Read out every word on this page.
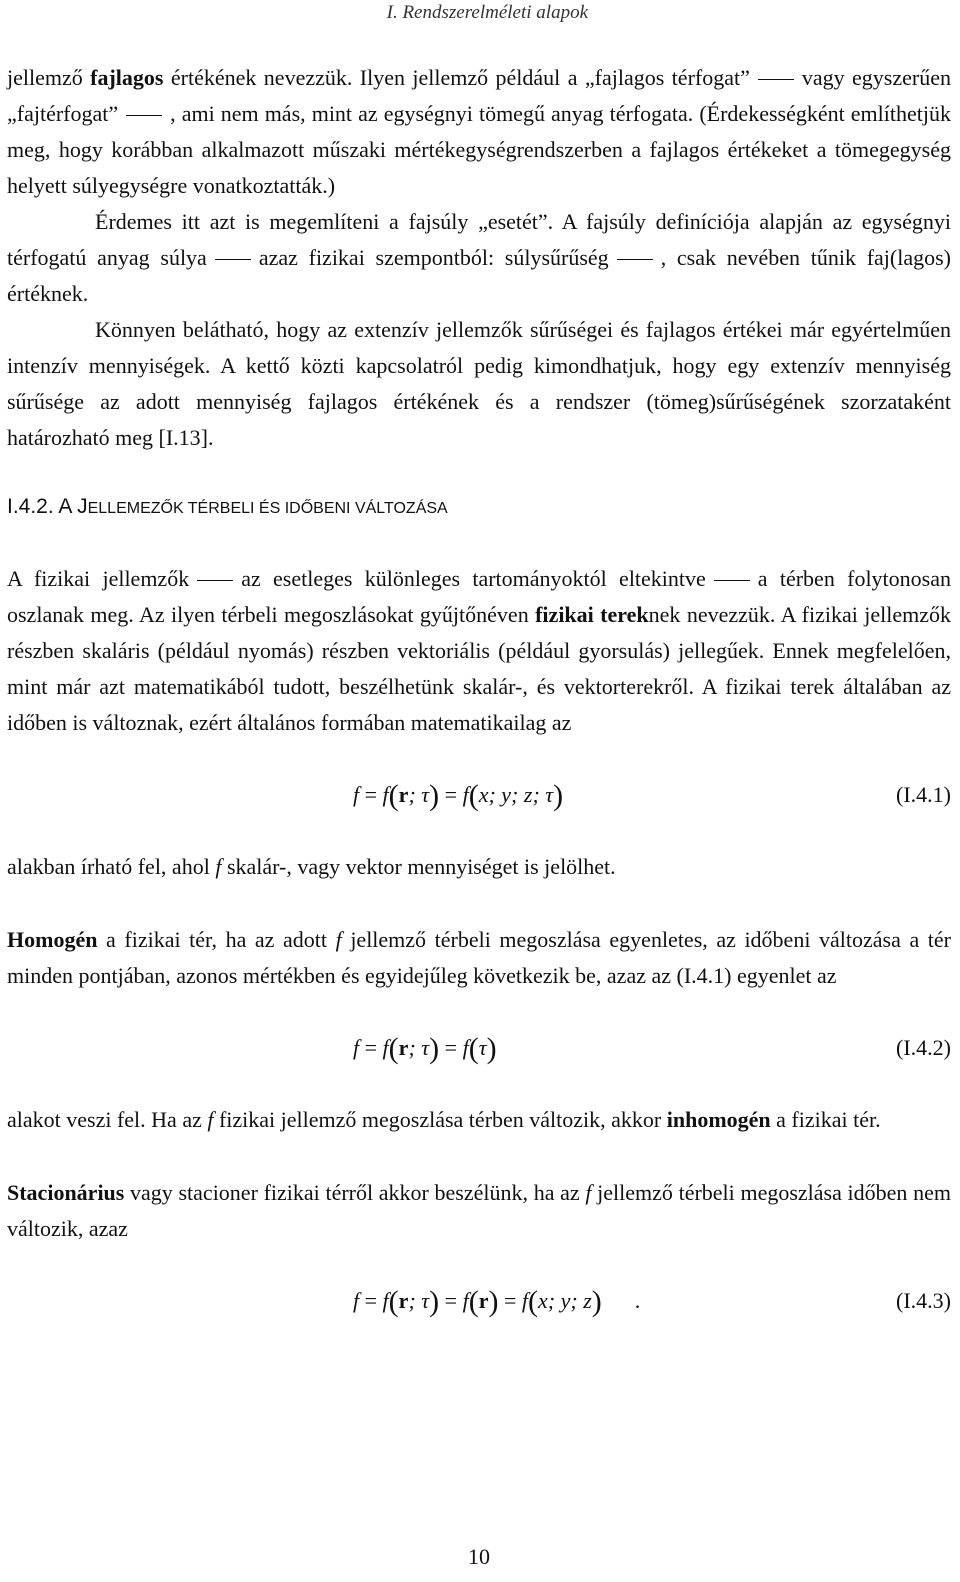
I. Rendszerelméleti alapok

jellemző fajlagos értékének nevezzük. Ilyen jellemző például a „fajlagos térfogat” vagy egyszerűen „fajtérfogat” , ami nem más, mint az egységnyi tömegű anyag térfogata. (Érdekességként említhetjük meg, hogy korábban alkalmazott műszaki mértékegységrendszerben a fajlagos értékeket a tömegegység helyett súlyegységre vonatkoztatták.)

Érdemes itt azt is megemlíteni a fajsúly „esetét”. A fajsúly definíciója alapján az egységnyi térfogatú anyag súlya azaz fizikai szempontból: súlysűrűség , csak nevében tűnik faj(lagos) értéknek.

Könnyen belátható, hogy az extenzív jellemzők sűrűségei és fajlagos értékei már egyértelműen intenzív mennyiségek. A kettő közti kapcsolatról pedig kimondhatjuk, hogy egy extenzív mennyiség sűrűsége az adott mennyiség fajlagos értékének és a rendszer (tömeg)sűrűségének szorzataként határozható meg [I.13].

I.4.2. A JELLEMEZŐK TÉRBELI ÉS IDŐBENI VÁLTOZÁSA

A fizikai jellemzők az esetleges különleges tartományoktól eltekintve a térben folytonosan oszlanak meg. Az ilyen térbeli megoszlásokat gyűjtőnéven fizikai tereknek nevezzük. A fizikai jellemzők részben skaláris (például nyomás) részben vektoriális (például gyorsulás) jellegűek. Ennek megfelelően, mint már azt matematikából tudott, beszélhetünk skalár-, és vektorterekről. A fizikai terek általában az időben is változnak, ezért általános formában matematikailag az

f = f(r; τ) = f(x; y; z; τ)	(I.4.1)

alakban írható fel, ahol f skalár-, vagy vektor mennyiséget is jelölhet.

Homogén a fizikai tér, ha az adott f jellemző térbeli megoszlása egyenletes, az időbeni változása a tér minden pontjában, azonos mértékben és egyidejűleg következik be, azaz az (I.4.1) egyenlet az

f = f(r; τ) = f(τ)	(I.4.2)

alakot veszi fel. Ha az f fizikai jellemző megoszlása térben változik, akkor inhomogén a fizikai tér.

Stacionárius vagy stacioner fizikai térről akkor beszélünk, ha az f jellemző térbeli megoszlása időben nem változik, azaz

f = f(r; τ) = f(r) = f(x; y; z) .	(I.4.3)
10
